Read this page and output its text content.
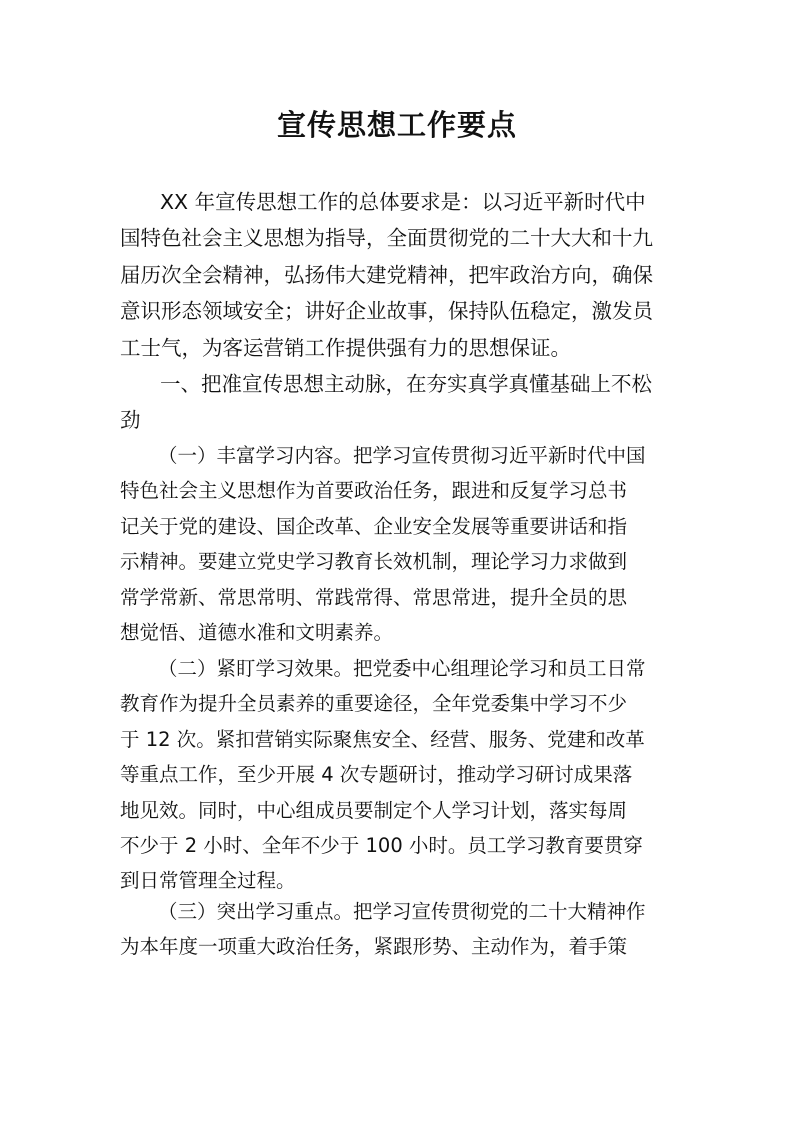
宣传思想工作要点

XX 年宣传思想工作的总体要求是：以习近平新时代中
国特色社会主义思想为指导，全面贯彻党的二十大大和十九
届历次全会精神，弘扬伟大建党精神，把牢政治方向，确保
意识形态领域安全；讲好企业故事，保持队伍稳定，激发员
工士气，为客运营销工作提供强有力的思想保证。

一、把准宣传思想主动脉，在夯实真学真懂基础上不松
劲

（一）丰富学习内容。把学习宣传贯彻习近平新时代中国
特色社会主义思想作为首要政治任务，跟进和反复学习总书
记关于党的建设、国企改革、企业安全发展等重要讲话和指
示精神。要建立党史学习教育长效机制，理论学习力求做到
常学常新、常思常明、常践常得、常思常进，提升全员的思
想觉悟、道德水准和文明素养。

（二）紧盯学习效果。把党委中心组理论学习和员工日常
教育作为提升全员素养的重要途径，全年党委集中学习不少
于 12 次。紧扣营销实际聚焦安全、经营、服务、党建和改革
等重点工作，至少开展 4 次专题研讨，推动学习研讨成果落
地见效。同时，中心组成员要制定个人学习计划，落实每周
不少于 2 小时、全年不少于 100 小时。员工学习教育要贯穿
到日常管理全过程。

（三）突出学习重点。把学习宣传贯彻党的二十大精神作
为本年度一项重大政治任务，紧跟形势、主动作为，着手策
